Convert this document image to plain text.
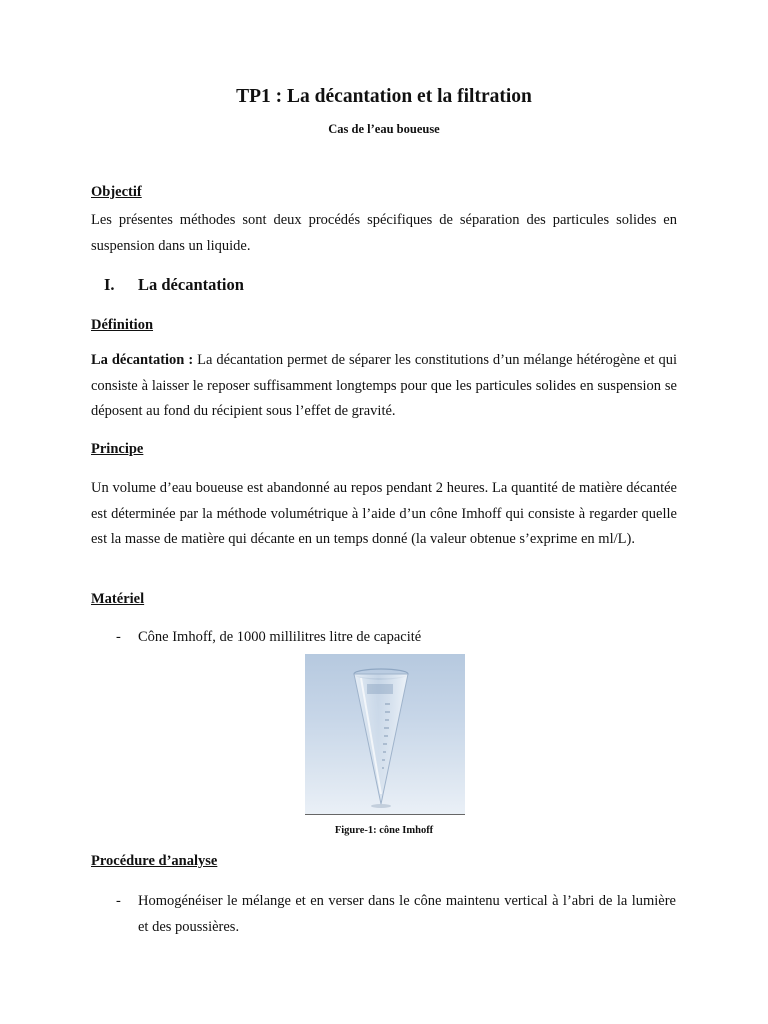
TP1 : La décantation et la filtration
Cas de l’eau boueuse
Objectif

Les présentes méthodes sont deux procédés spécifiques de séparation des particules solides en suspension dans un liquide.

I. La décantation
Définition

La décantation : La décantation permet de séparer les constitutions d’un mélange hétérogène et qui consiste à laisser le reposer suffisamment longtemps pour que les particules solides en suspension se déposent au fond du récipient sous l’effet de gravité.

Principe

Un volume d’eau boueuse est abandonné au repos pendant 2 heures. La quantité de matière décantée est déterminée par la méthode volumétrique à l’aide d’un cône Imhoff qui consiste à regarder quelle est la masse de matière qui décante en un temps donné (la valeur obtenue s’exprime en ml/L).

Matériel
- Cône Imhoff, de 1000 millilitres litre de capacité
Figure-1: cône Imhoff
Procédure d’analyse
- Homogénéiser le mélange et en verser dans le cône maintenu vertical à l’abri de la lumière et des poussières.
